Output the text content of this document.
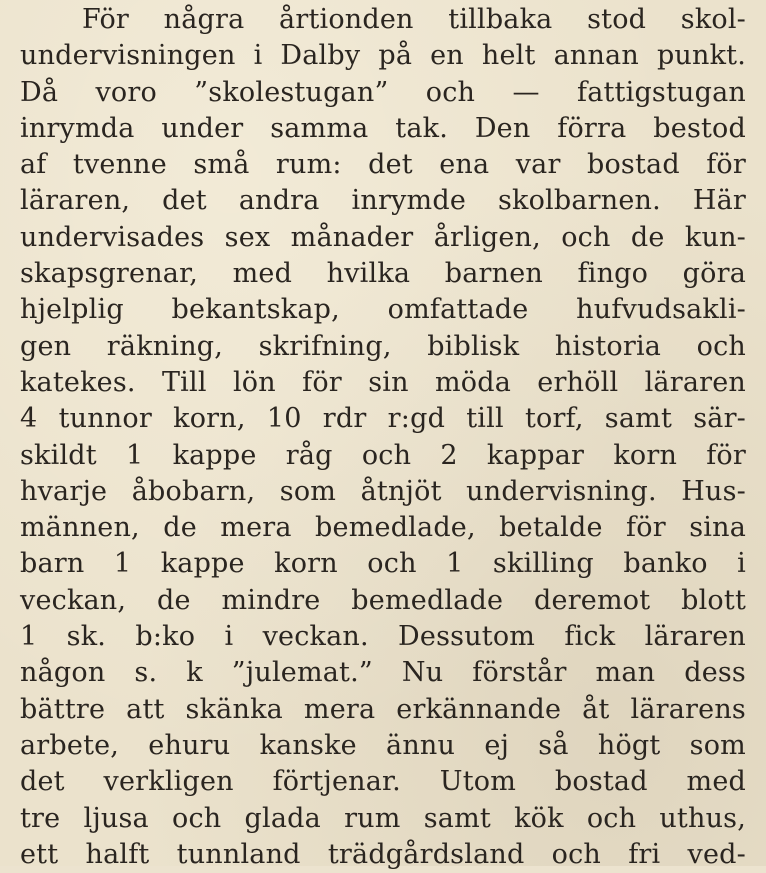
För några årtionden tillbaka stod skol-
undervisningen i Dalby på en helt annan punkt.
Då voro ”skolestugan” och — fattigstugan
inrymda under samma tak. Den förra bestod
af tvenne små rum: det ena var bostad för
läraren, det andra inrymde skolbarnen. Här
undervisades sex månader årligen, och de kun-
skapsgrenar, med hvilka barnen fingo göra
hjelplig bekantskap, omfattade hufvudsakli-
gen räkning, skrifning, biblisk historia och
katekes. Till lön för sin möda erhöll läraren
4 tunnor korn, 10 rdr r:gd till torf, samt sär-
skildt 1 kappe råg och 2 kappar korn för
hvarje åbobarn, som åtnjöt undervisning. Hus-
männen, de mera bemedlade, betalde för sina
barn 1 kappe korn och 1 skilling banko i
veckan, de mindre bemedlade deremot blott
1 sk. b:ko i veckan. Dessutom fick läraren
någon s. k ”julemat.” Nu förstår man dess
bättre att skänka mera erkännande åt lärarens
arbete, ehuru kanske ännu ej så högt som
det verkligen förtjenar. Utom bostad med
tre ljusa och glada rum samt kök och uthus,
ett halft tunnland trädgårdsland och fri ved-
